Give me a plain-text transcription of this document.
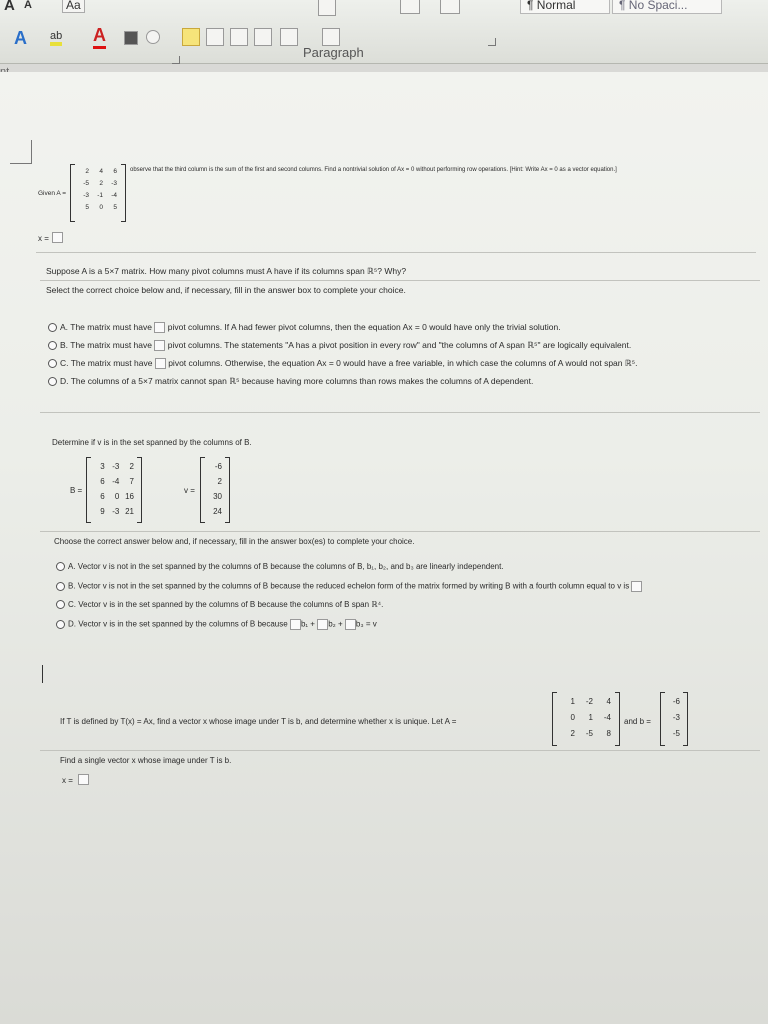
A A	Aa
A ab A
Paragraph
¶ Normal	¶ No Spaci...
Given A =
2	4	6
-5	2	-3
-3	-1	-4
5	0	5
observe that the third column is the sum of the first and second columns. Find a nontrivial solution of Ax = 0 without performing row operations. [Hint: Write Ax = 0 as a vector equation.]
x =
Suppose A is a 5×7 matrix. How many pivot columns must A have if its columns span ℝ⁵? Why?
Select the correct choice below and, if necessary, fill in the answer box to complete your choice.
A. The matrix must have pivot columns. If A had fewer pivot columns, then the equation Ax = 0 would have only the trivial solution.
B. The matrix must have pivot columns. The statements "A has a pivot position in every row" and "the columns of A span ℝ⁵" are logically equivalent.
C. The matrix must have pivot columns. Otherwise, the equation Ax = 0 would have a free variable, in which case the columns of A would not span ℝ⁵.
D. The columns of a 5×7 matrix cannot span ℝ⁵ because having more columns than rows makes the columns of A dependent.
Determine if v is in the set spanned by the columns of B.
B =
3 -3	2
6 -4	7
6	0 16
9 -3 21
v =
-6
2
30
24
Choose the correct answer below and, if necessary, fill in the answer box(es) to complete your choice.
A. Vector v is not in the set spanned by the columns of B because the columns of B, b₁, b₂, and b₃ are linearly independent.
B. Vector v is not in the set spanned by the columns of B because the reduced echelon form of the matrix formed by writing B with a fourth column equal to v is
C. Vector v is in the set spanned by the columns of B because the columns of B span ℝ⁴.
D. Vector v is in the set spanned by the columns of B because b₁ + b₂ + b₃ = v
If T is defined by T(x) = Ax, find a vector x whose image under T is b, and determine whether x is unique. Let A =
1	-2	4
0	1	-4
2	-5	8
and b =
-6
-3
-5
Find a single vector x whose image under T is b.
x =
